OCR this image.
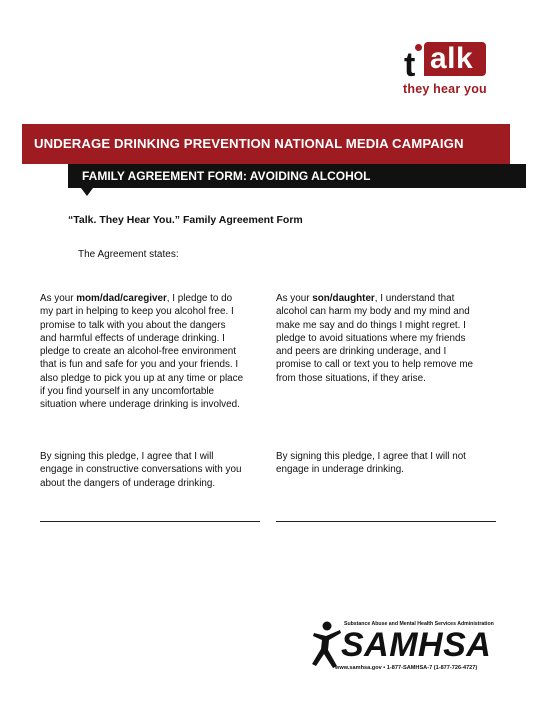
t alk
they hear you
UNDERAGE DRINKING PREVENTION NATIONAL MEDIA CAMPAIGN
FAMILY AGREEMENT FORM: AVOIDING ALCOHOL
“Talk. They Hear You.” Family Agreement Form
The Agreement states:
As your mom/dad/caregiver, I pledge to do
my part in helping to keep you alcohol free. I
promise to talk with you about the dangers
and harmful effects of underage drinking. I
pledge to create an alcohol-free environment
that is fun and safe for you and your friends. I
also pledge to pick you up at any time or place
if you find yourself in any uncomfortable
situation where underage drinking is involved.
As your son/daughter, I understand that
alcohol can harm my body and my mind and
make me say and do things I might regret. I
pledge to avoid situations where my friends
and peers are drinking underage, and I
promise to call or text you to help remove me
from those situations, if they arise.
By signing this pledge, I agree that I will
engage in constructive conversations with you
about the dangers of underage drinking.
By signing this pledge, I agree that I will not
engage in underage drinking.
Substance Abuse and Mental Health Services Administration
SAMHSA
www.samhsa.gov • 1-877-SAMHSA-7 (1-877-726-4727)
